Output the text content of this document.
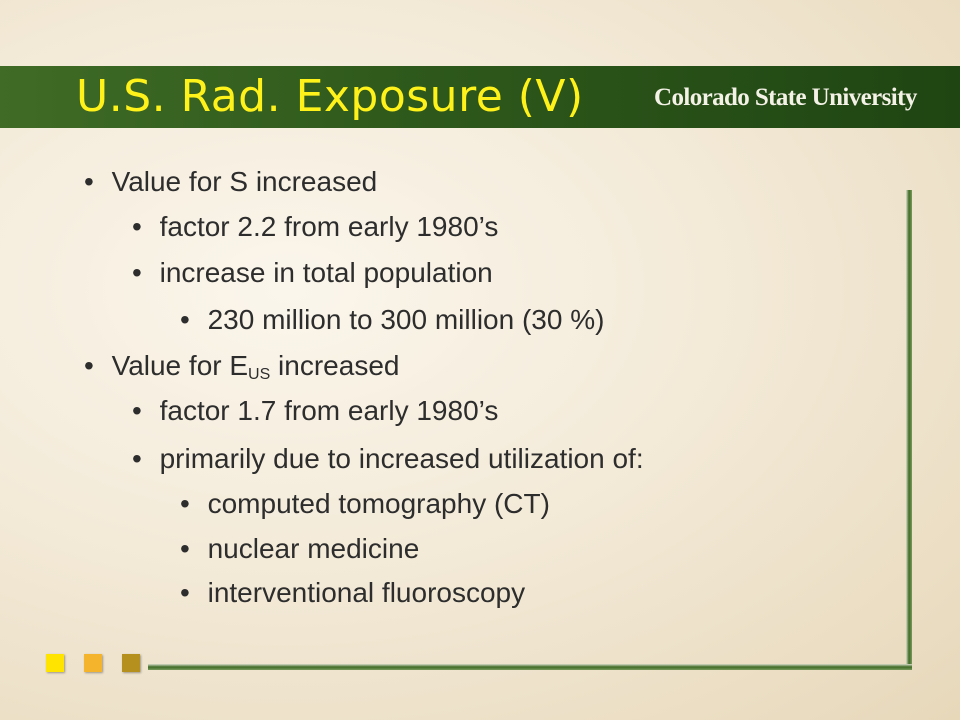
U.S. Rad. Exposure (V)	Colorado State University
• Value for S increased
• factor 2.2 from early 1980’s
• increase in total population
• 230 million to 300 million (30 %)
• Value for $E_{US}$ increased
• factor 1.7 from early 1980’s
• primarily due to increased utilization of:
• computed tomography (CT)
• nuclear medicine
• interventional fluoroscopy
